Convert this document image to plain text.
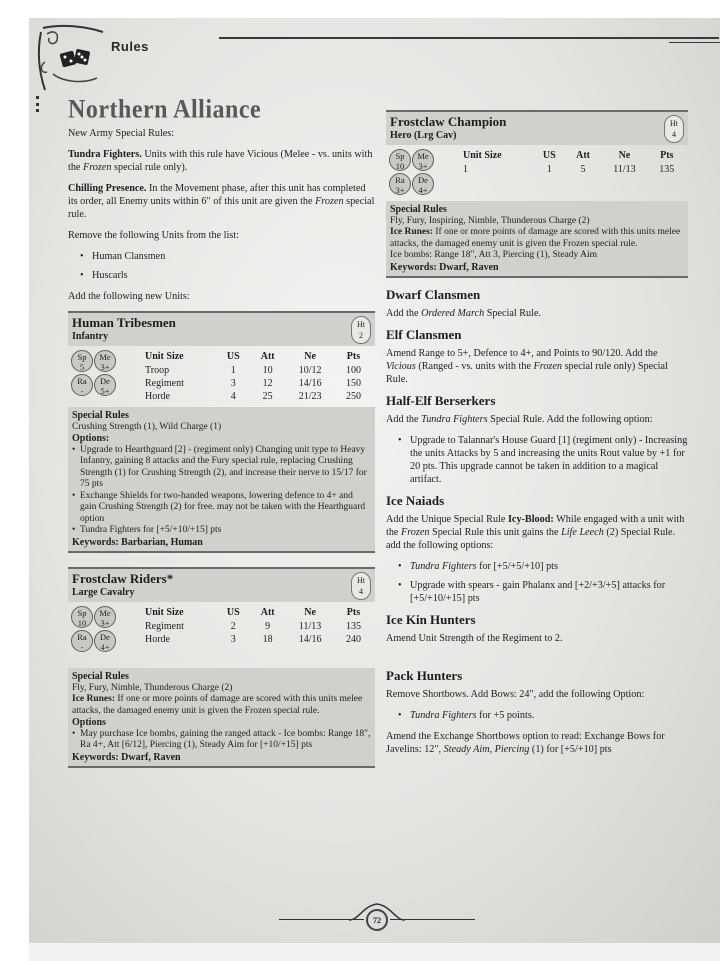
Rules
Northern Alliance

New Army Special Rules:

Tundra Fighters. Units with this rule have Vicious (Melee - vs. units with the Frozen special rule only).

Chilling Presence. In the Movement phase, after this unit has completed its order, all Enemy units within 6" of this unit are given the Frozen special rule.

Remove the following Units from the list:

• Human Clansmen
• Huscarls

Add the following new Units:

Human Tribesmen
Infantry
Ht
2
Sp
5
Me
3+
Ra
-
De
5+
Unit Size	US	Att	Ne	Pts
Troop	1	10	10/12	100
Regiment	3	12	14/16	150
Horde	4	25	21/23	250
Special Rules
Crushing Strength (1), Wild Charge (1)
Options:
• Upgrade to Hearthguard [2] - (regiment only) Changing unit type to Heavy Infantry, gaining 8 attacks and the Fury special rule, replacing Crushing Strength (1) for Crushing Strength (2), and increase their nerve to 15/17 for 75 pts
• Exchange Shields for two-handed weapons, lowering defence to 4+ and gain Crushing Strength (2) for free. may not be taken with the Hearthguard option
• Tundra Fighters for [+5/+10/+15] pts
Keywords: Barbarian, Human
Frostclaw Riders*
Large Cavalry
Ht
4
Sp
10
Me
3+
Ra
-
De
4+
Unit Size	US	Att	Ne	Pts
Regiment	2	9	11/13	135
Horde	3	18	14/16	240
Special Rules
Fly, Fury, Nimble, Thunderous Charge (2)
Ice Runes: If one or more points of damage are scored with this units melee attacks, the damaged enemy unit is given the Frozen special rule.
Options
• May purchase Ice bombs, gaining the ranged attack - Ice bombs: Range 18", Ra 4+, Att [6/12], Piercing (1), Steady Aim for [+10/+15] pts
Keywords: Dwarf, Raven
Frostclaw Champion
Hero (Lrg Cav)
Ht
4
Sp
10
Me
3+
Ra
3+
De
4+
Unit Size	US	Att	Ne	Pts
1	1	5	11/13	135
Special Rules
Fly, Fury, Inspiring, Nimble, Thunderous Charge (2)
Ice Runes: If one or more points of damage are scored with this units melee attacks, the damaged enemy unit is given the Frozen special rule.
Ice bombs: Range 18", Att 3, Piercing (1), Steady Aim
Keywords: Dwarf, Raven
Dwarf Clansmen

Add the Ordered March Special Rule.

Elf Clansmen

Amend Range to 5+, Defence to 4+, and Points to 90/120. Add the Vicious (Ranged - vs. units with the Frozen special rule only) Special Rule.

Half-Elf Berserkers

Add the Tundra Fighters Special Rule. Add the following option:

• Upgrade to Talannar's House Guard [1] (regiment only) - Increasing the units Attacks by 5 and increasing the units Rout value by +1 for 20 pts. This upgrade cannot be taken in addition to a magical artifact.
Ice Naiads

Add the Unique Special Rule Icy-Blood: While engaged with a unit with the Frozen Special Rule this unit gains the Life Leech (2) Special Rule. add the following options:

• Tundra Fighters for [+5/+5/+10] pts
• Upgrade with spears - gain Phalanx and [+2/+3/+5] attacks for [+5/+10/+15] pts
Ice Kin Hunters

Amend Unit Strength of the Regiment to 2.

Pack Hunters

Remove Shortbows. Add Bows: 24", add the following Option:

• Tundra Fighters for +5 points.

Amend the Exchange Shortbows option to read: Exchange Bows for Javelins: 12", Steady Aim, Piercing (1) for [+5/+10] pts

72
